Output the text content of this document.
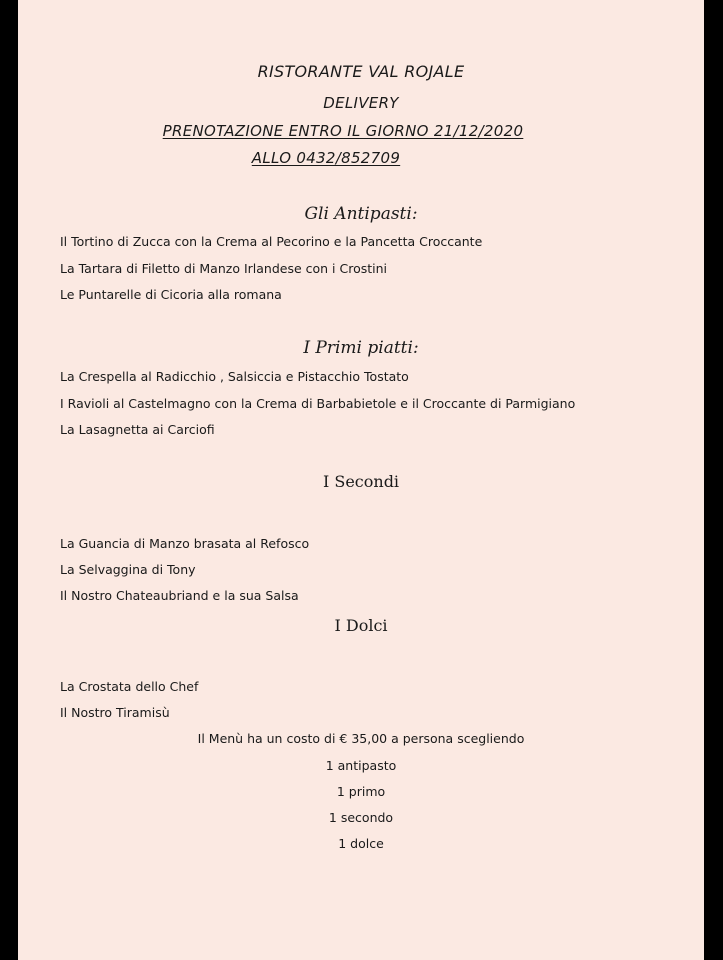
RISTORANTE VAL ROJALE
DELIVERY
PRENOTAZIONE ENTRO IL GIORNO 21/12/2020
ALLO 0432/852709
Gli Antipasti:
Il Tortino di Zucca con la Crema al Pecorino e la Pancetta Croccante
La Tartara di Filetto di Manzo Irlandese con i Crostini
Le Puntarelle di Cicoria alla romana
I Primi piatti:
La Crespella al Radicchio , Salsiccia e Pistacchio Tostato
I Ravioli al Castelmagno con la Crema di Barbabietole e il Croccante di Parmigiano
La Lasagnetta ai Carciofi
I Secondi
La Guancia di Manzo brasata al Refosco
La Selvaggina di Tony
Il Nostro Chateaubriand e la sua Salsa
I Dolci
La Crostata dello Chef
Il Nostro Tiramisù
Il Menù ha un costo di € 35,00 a persona scegliendo
1 antipasto
1 primo
1 secondo
1 dolce
